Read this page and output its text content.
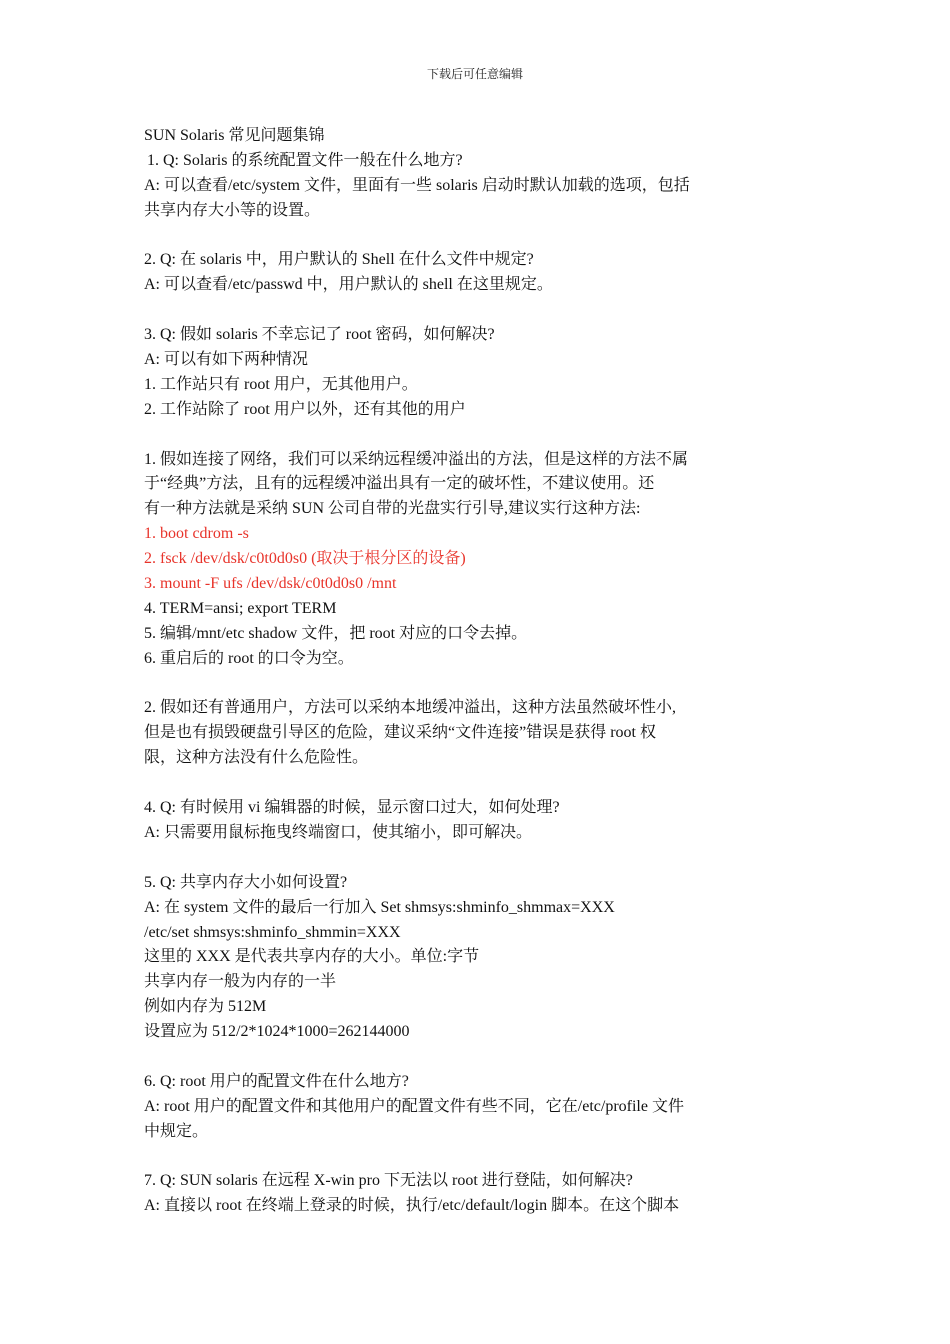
下载后可任意编辑
SUN Solaris 常见问题集锦
1. Q: Solaris 的系统配置文件一般在什么地方?
A: 可以查看/etc/system 文件，里面有一些 solaris 启动时默认加载的选项，包括
共享内存大小等的设置。
2. Q: 在 solaris 中，用户默认的 Shell 在什么文件中规定?
A: 可以查看/etc/passwd 中，用户默认的 shell 在这里规定。
3. Q: 假如 solaris 不幸忘记了 root 密码，如何解决?
A: 可以有如下两种情况
1. 工作站只有 root 用户，无其他用户。
2. 工作站除了 root 用户以外，还有其他的用户
1. 假如连接了网络，我们可以采纳远程缓冲溢出的方法，但是这样的方法不属
于“经典”方法，且有的远程缓冲溢出具有一定的破坏性，不建议使用。还
有一种方法就是采纳 SUN 公司自带的光盘实行引导,建议实行这种方法:
1. boot cdrom -s
2. fsck /dev/dsk/c0t0d0s0 (取决于根分区的设备)
3. mount -F ufs /dev/dsk/c0t0d0s0 /mnt
4. TERM=ansi; export TERM
5. 编辑/mnt/etc shadow 文件，把 root 对应的口令去掉。
6. 重启后的 root 的口令为空。
2. 假如还有普通用户，方法可以采纳本地缓冲溢出，这种方法虽然破坏性小,
但是也有损毁硬盘引导区的危险，建议采纳“文件连接”错误是获得 root 权
限，这种方法没有什么危险性。
4. Q: 有时候用 vi 编辑器的时候，显示窗口过大，如何处理?
A: 只需要用鼠标拖曳终端窗口，使其缩小，即可解决。
5. Q: 共享内存大小如何设置?
A: 在 system 文件的最后一行加入 Set shmsys:shminfo_shmmax=XXX
/etc/set shmsys:shminfo_shmmin=XXX
这里的 XXX 是代表共享内存的大小。单位:字节
共享内存一般为内存的一半
例如内存为 512M
设置应为 512/2*1024*1000=262144000
6. Q: root 用户的配置文件在什么地方?
A: root 用户的配置文件和其他用户的配置文件有些不同，它在/etc/profile 文件
中规定。
7. Q: SUN solaris 在远程 X-win pro 下无法以 root 进行登陆，如何解决?
A: 直接以 root 在终端上登录的时候，执行/etc/default/login 脚本。在这个脚本
